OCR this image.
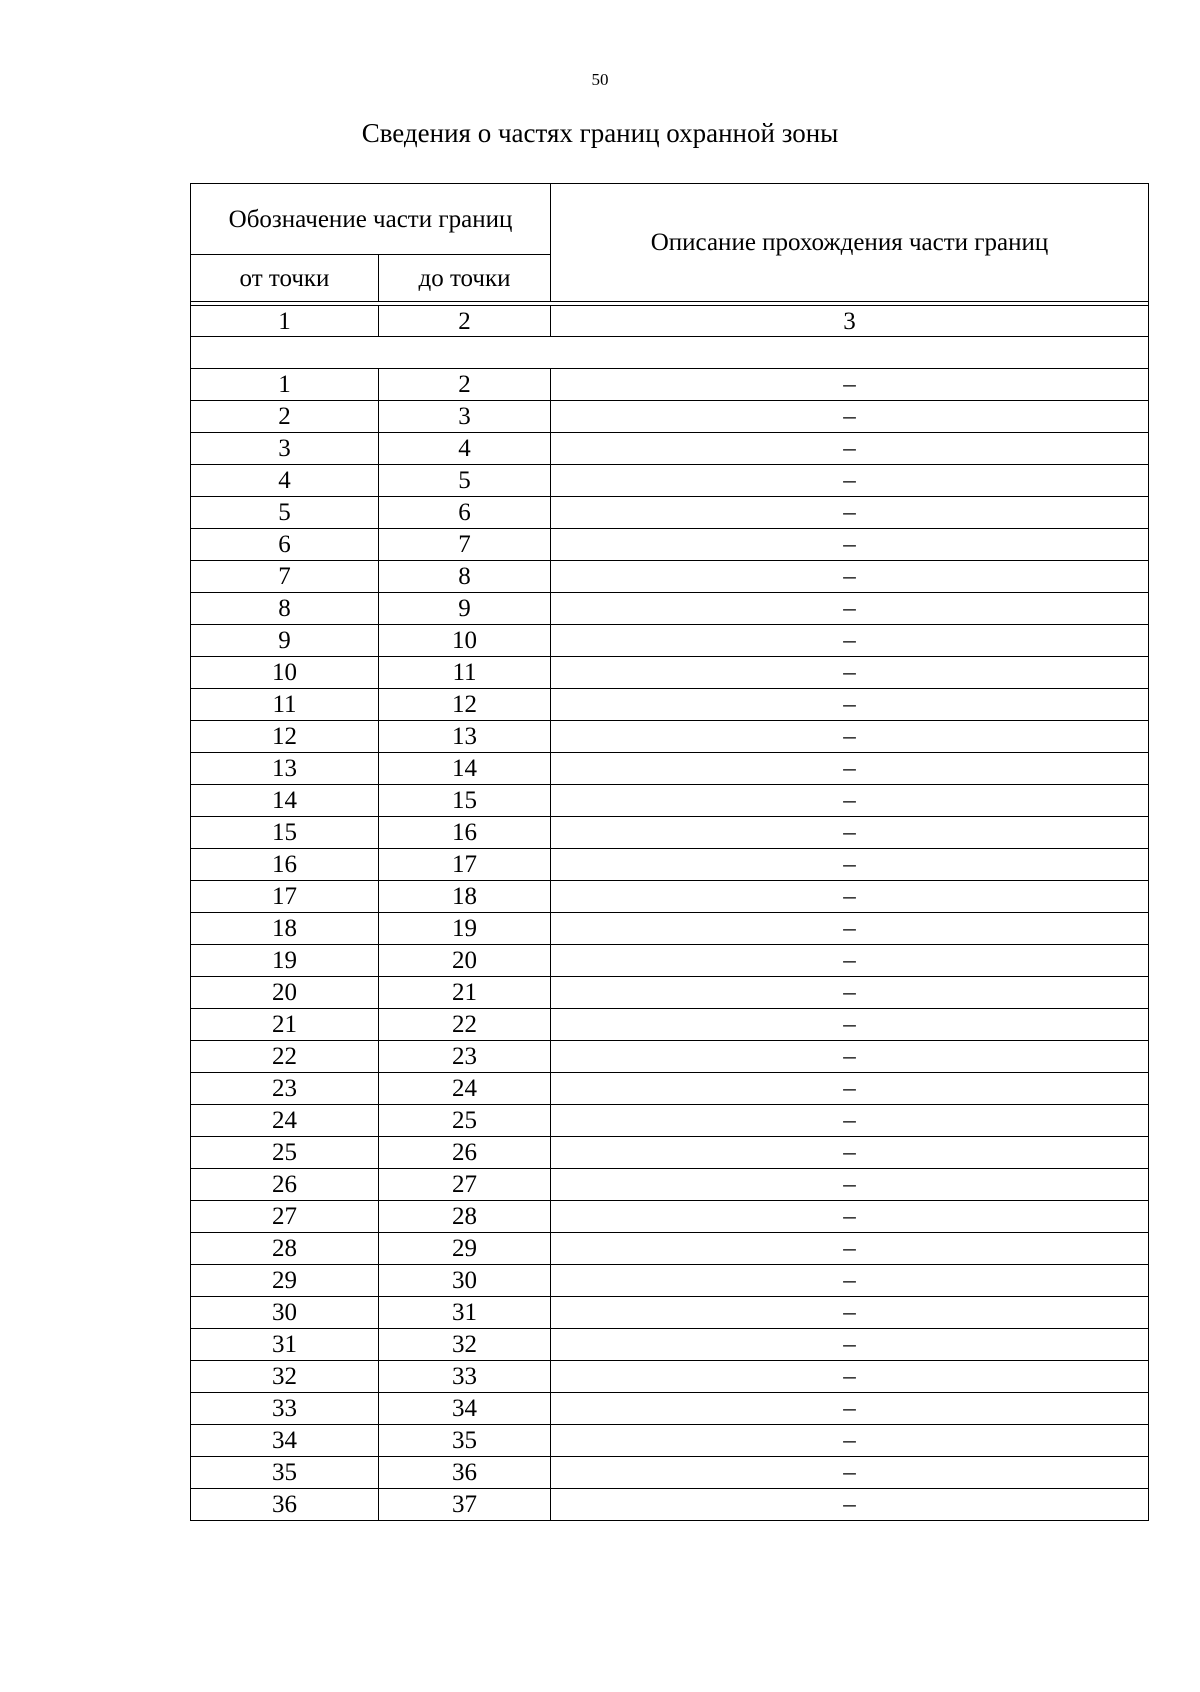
50
Сведения о частях границ охранной зоны
Обозначение части границ		Описание прохождения части границ
от точки	до точки	

1	2	3

1	2	–
2	3	–
3	4	–
4	5	–
5	6	–
6	7	–
7	8	–
8	9	–
9	10	–
10	11	–
11	12	–
12	13	–
13	14	–
14	15	–
15	16	–
16	17	–
17	18	–
18	19	–
19	20	–
20	21	–
21	22	–
22	23	–
23	24	–
24	25	–
25	26	–
26	27	–
27	28	–
28	29	–
29	30	–
30	31	–
31	32	–
32	33	–
33	34	–
34	35	–
35	36	–
36	37	–
